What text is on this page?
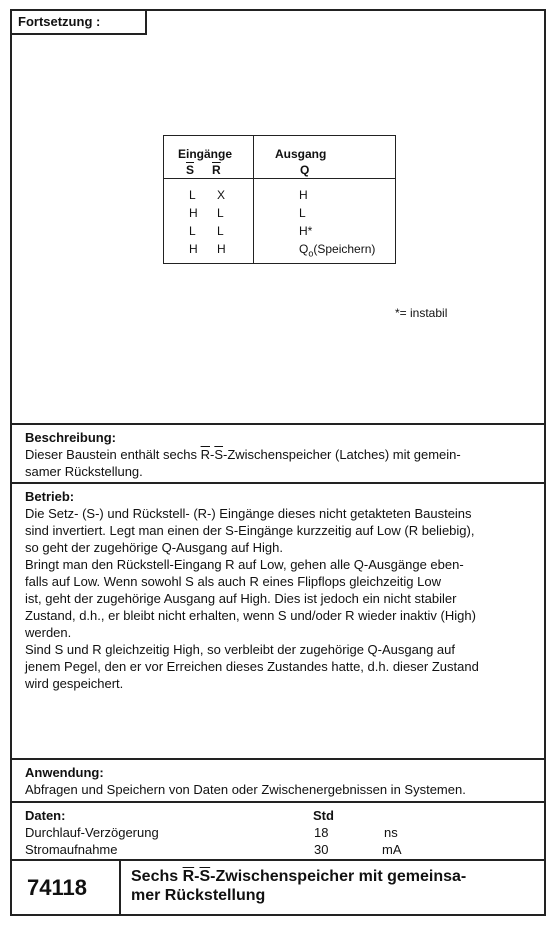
Fortsetzung :
Eingänge
$\overline{S}$ $\overline{R}$
Ausgang
Q
L X	H
H L	L
L L	H*
H H	$Q_o(Speichern)$
*= instabil
Beschreibung:

Dieser Baustein enthält sechs $\overline{R}-\overline{S}$-Zwischenspeicher (Latches) mit gemein-

samer Rückstellung.

Betrieb:

Die Setz- (S-) und Rückstell- (R-) Eingänge dieses nicht getakteten Bausteins

sind invertiert. Legt man einen der S-Eingänge kurzzeitig auf Low (R beliebig),

so geht der zugehörige Q-Ausgang auf High.

Bringt man den Rückstell-Eingang R auf Low, gehen alle Q-Ausgänge eben-

falls auf Low. Wenn sowohl S als auch R eines Flipflops gleichzeitig Low

ist, geht der zugehörige Ausgang auf High. Dies ist jedoch ein nicht stabiler

Zustand, d.h., er bleibt nicht erhalten, wenn S und/oder R wieder inaktiv (High)

werden.

Sind S und R gleichzeitig High, so verbleibt der zugehörige Q-Ausgang auf

jenem Pegel, den er vor Erreichen dieses Zustandes hatte, d.h. dieser Zustand

wird gespeichert.

Anwendung:

Abfragen und Speichern von Daten oder Zwischenergebnissen in Systemen.

Daten:	Std
Durchlauf-Verzögerung	18	ns
Stromaufnahme	30	mA
74118	Sechs $\overline{R}-\overline{S}$-Zwischenspeicher mit gemeinsa-
mer Rückstellung
